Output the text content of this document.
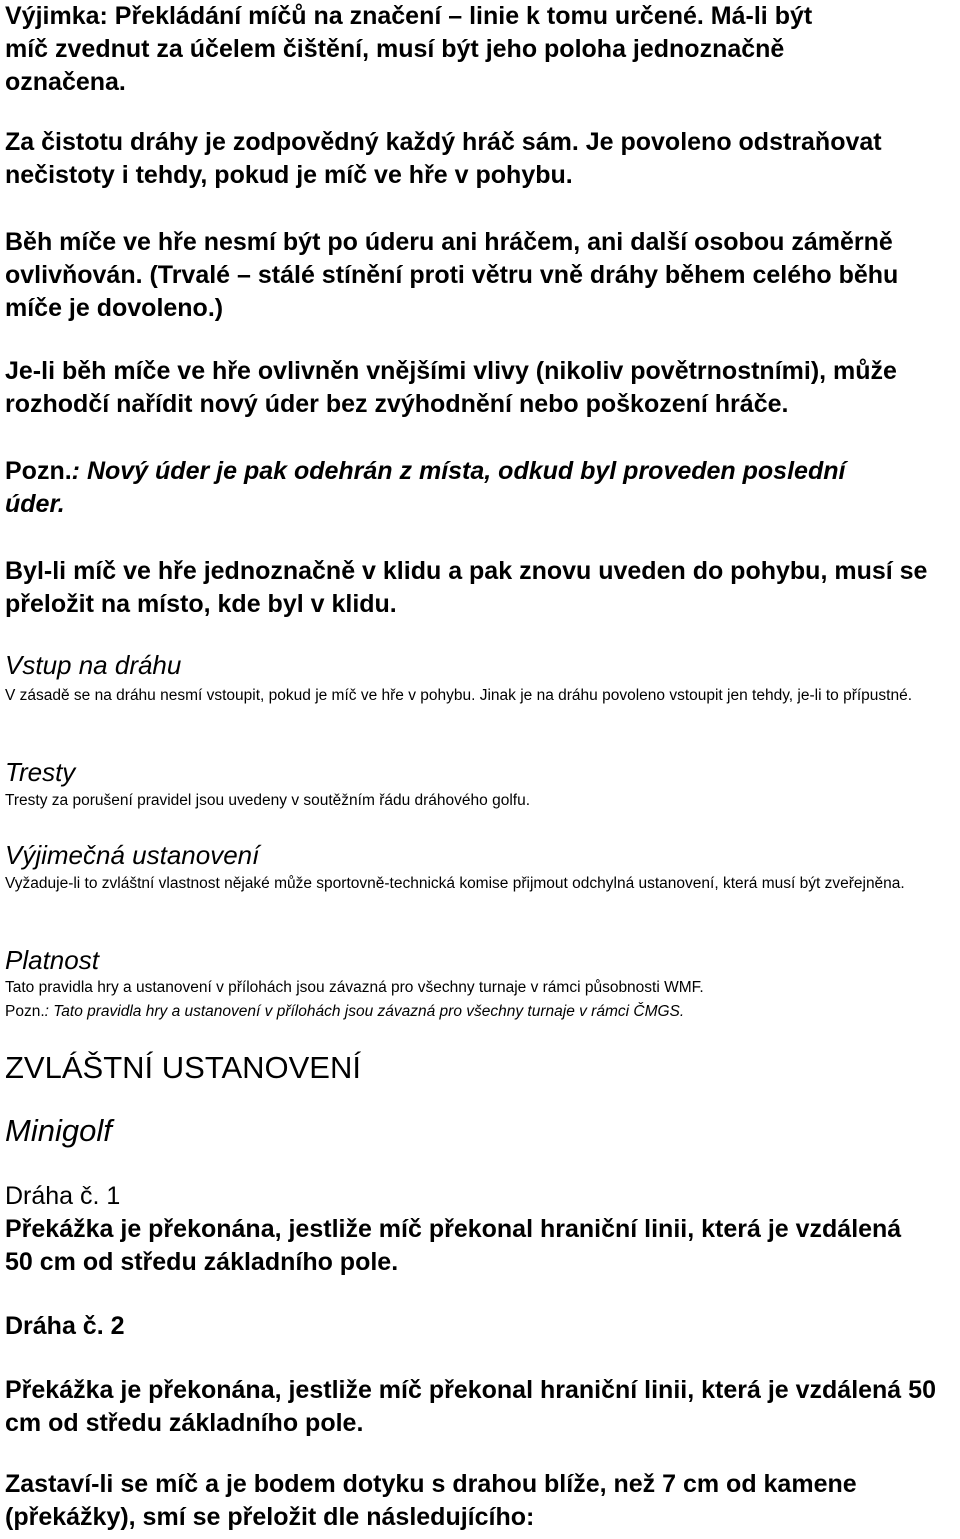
Výjimka: Překládání míčů na značení – linie k tomu určené. Má-li být míč zvednut za účelem čištění, musí být jeho poloha jednoznačně označena.

Za čistotu dráhy je zodpovědný každý hráč sám. Je povoleno odstraňovat nečistoty i tehdy, pokud je míč ve hře v pohybu.

Běh míče ve hře nesmí být po úderu ani hráčem, ani další osobou záměrně ovlivňován. (Trvalé – stálé stínění proti větru vně dráhy během celého běhu míče je dovoleno.)

Je-li běh míče ve hře ovlivněn vnějšími vlivy (nikoliv povětrnostními), může rozhodčí nařídit nový úder bez zvýhodnění nebo poškození hráče.

Pozn.: Nový úder je pak odehrán z místa, odkud byl proveden poslední úder.

Byl-li míč ve hře jednoznačně v klidu a pak znovu uveden do pohybu, musí se přeložit na místo, kde byl v klidu.

Vstup na dráhu

V zásadě se na dráhu nesmí vstoupit, pokud je míč ve hře v pohybu. Jinak je na dráhu povoleno vstoupit jen tehdy, je-li to přípustné.

Tresty

Tresty za porušení pravidel jsou uvedeny v soutěžním řádu dráhového golfu.

Výjimečná ustanovení

Vyžaduje-li to zvláštní vlastnost nějaké může sportovně-technická komise přijmout odchylná ustanovení, která musí být zveřejněna.

Platnost

Tato pravidla hry a ustanovení v přílohách jsou závazná pro všechny turnaje v rámci působnosti WMF.

Pozn.: Tato pravidla hry a ustanovení v přílohách jsou závazná pro všechny turnaje v rámci ČMGS.

ZVLÁŠTNÍ USTANOVENÍ
Minigolf
Dráha č. 1

Překážka je překonána, jestliže míč překonal hraniční linii, která je vzdálená 50 cm od středu základního pole.

Dráha č. 2

Překážka je překonána, jestliže míč překonal hraniční linii, která je vzdálená 50 cm od středu základního pole.

Zastaví-li se míč a je bodem dotyku s drahou blíže, než 7 cm od kamene (překážky), smí se přeložit dle následujícího:
